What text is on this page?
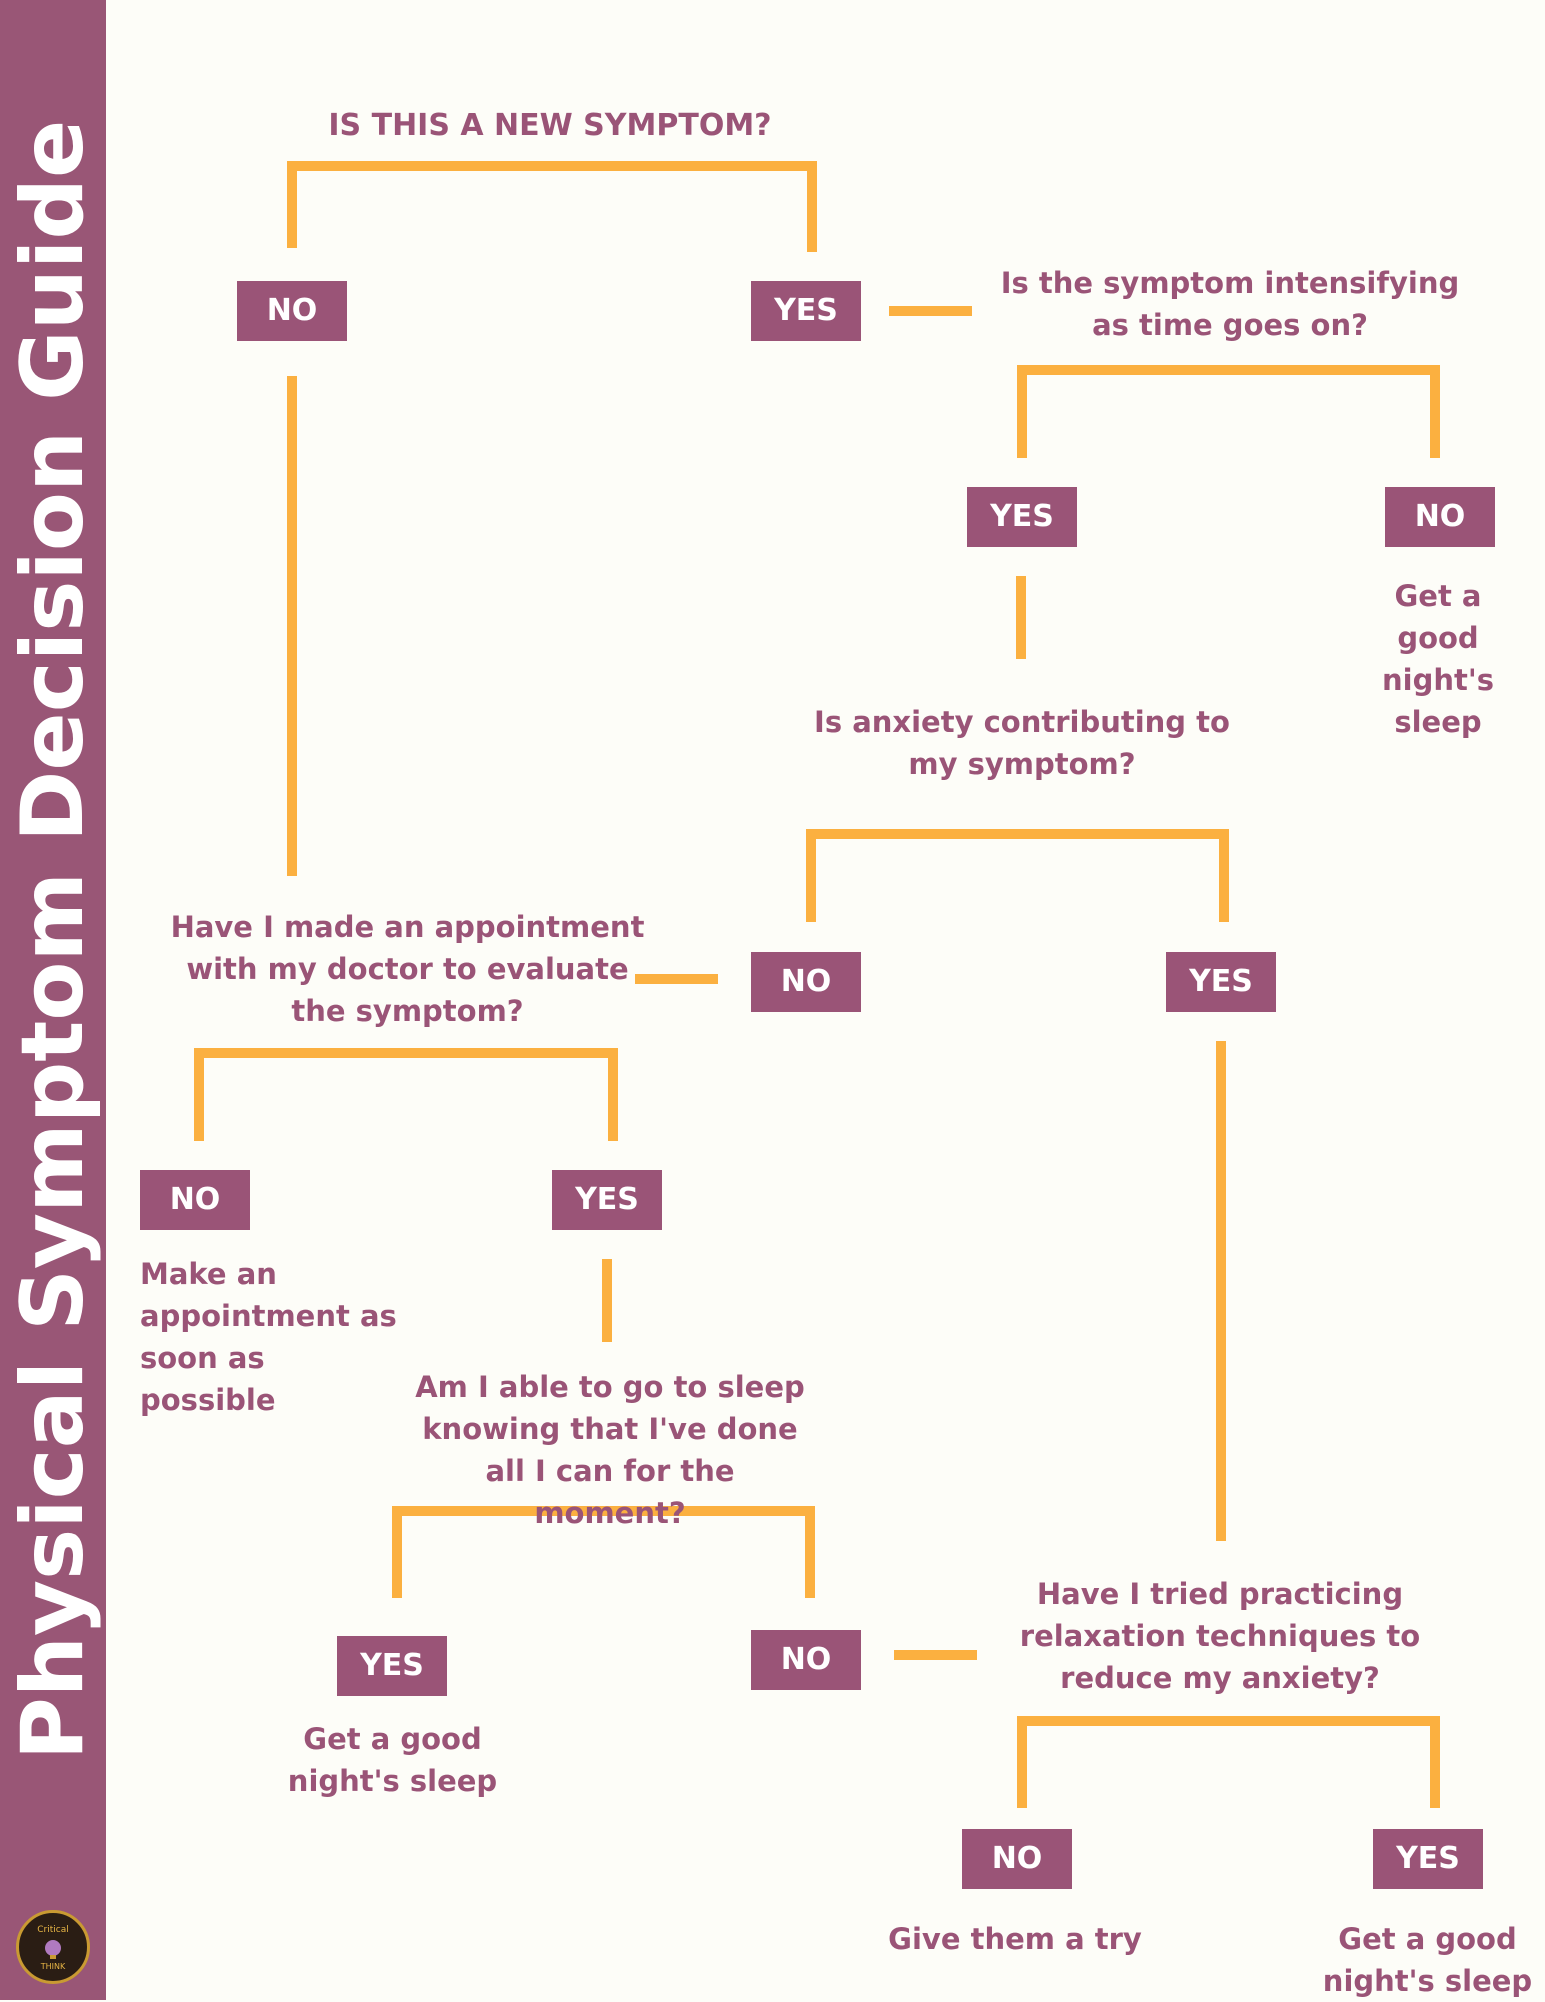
Physical Symptom Decision Guide
Critical
THINK
IS THIS A NEW SYMPTOM?
Is the symptom intensifying as time goes on?
Get a good night's sleep
Is anxiety contributing to my symptom?
Have I made an appointment with my doctor to evaluate the symptom?
Make an appointment as soon as possible	Am I able to go to sleep knowing that I've done all I can for the moment?
Get a good night's sleep
Have I tried practicing relaxation techniques to reduce my anxiety?
Give them a try	Get a good night's sleep
NO	YES
YES	NO
NO	YES
NO	YES
YES	NO
NO	YES
